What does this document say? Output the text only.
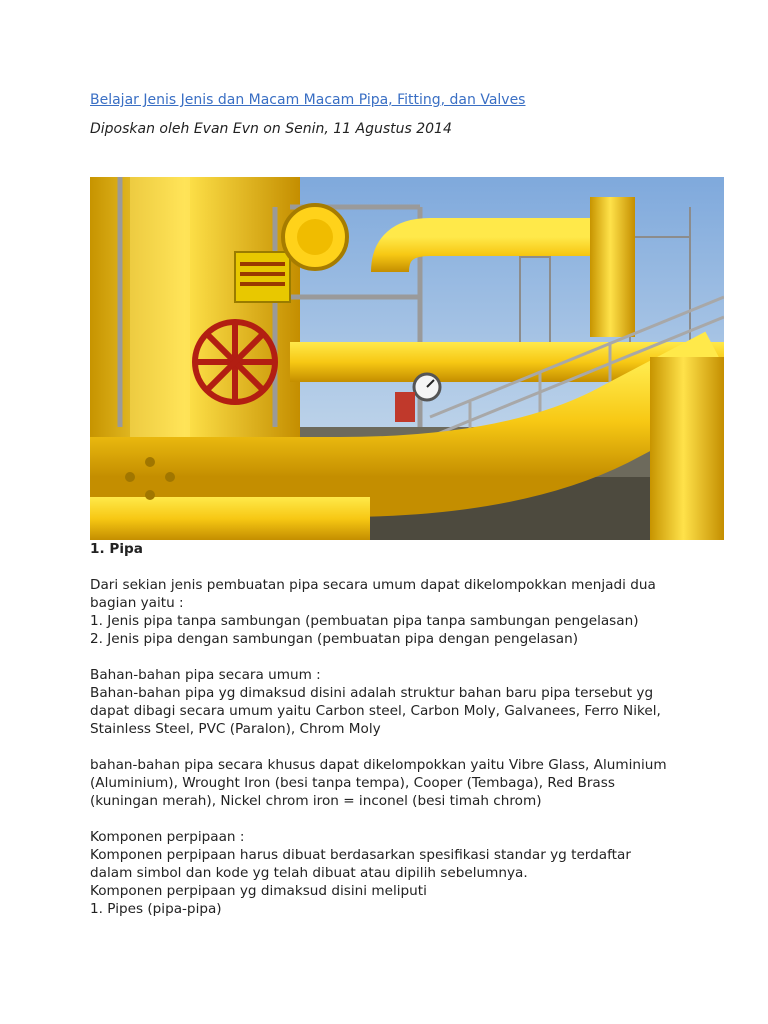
Belajar Jenis Jenis dan Macam Macam Pipa, Fitting, dan Valves
Diposkan oleh Evan Evn on Senin, 11 Agustus 2014

1. Pipa

Dari sekian jenis pembuatan pipa secara umum dapat dikelompokkan menjadi dua

bagian yaitu :

1. Jenis pipa tanpa sambungan (pembuatan pipa tanpa sambungan pengelasan)

2. Jenis pipa dengan sambungan (pembuatan pipa dengan pengelasan)

Bahan-bahan pipa secara umum :

Bahan-bahan pipa yg dimaksud disini adalah struktur bahan baru pipa tersebut yg

dapat dibagi secara umum yaitu Carbon steel, Carbon Moly, Galvanees, Ferro Nikel,

Stainless Steel, PVC (Paralon), Chrom Moly

bahan-bahan pipa secara khusus dapat dikelompokkan yaitu Vibre Glass, Aluminium

(Aluminium), Wrought Iron (besi tanpa tempa), Cooper (Tembaga), Red Brass

(kuningan merah), Nickel chrom iron = inconel (besi timah chrom)

Komponen perpipaan :

Komponen perpipaan harus dibuat berdasarkan spesifikasi standar yg terdaftar

dalam simbol dan kode yg telah dibuat atau dipilih sebelumnya.

Komponen perpipaan yg dimaksud disini meliputi

1. Pipes (pipa-pipa)
